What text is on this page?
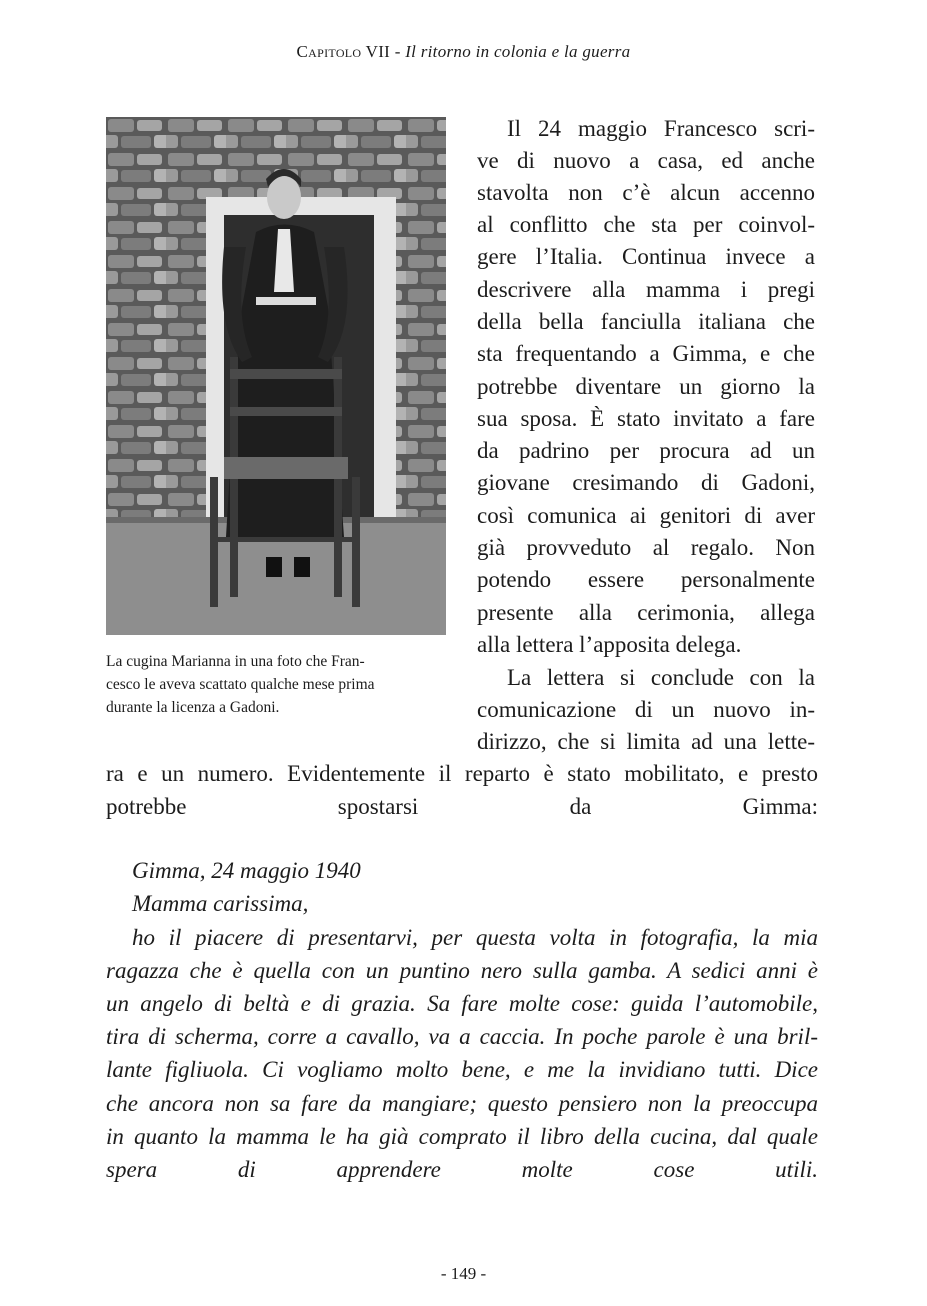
Capitolo VII - Il ritorno in colonia e la guerra
La cugina Marianna in una foto che Fran-
cesco le aveva scattato qualche mese prima
durante la licenza a Gadoni.
Il 24 maggio Francesco scri-
ve di nuovo a casa, ed anche
stavolta non c’è alcun accenno
al conflitto che sta per coinvol-
gere l’Italia. Continua invece a
descrivere alla mamma i pregi
della bella fanciulla italiana che
sta frequentando a Gimma, e che
potrebbe diventare un giorno la
sua sposa. È stato invitato a fare
da padrino per procura ad un
giovane cresimando di Gadoni,
così comunica ai genitori di aver
già provveduto al regalo. Non
potendo essere personalmente
presente alla cerimonia, allega
alla lettera l’apposita delega.
La lettera si conclude con la
comunicazione di un nuovo in-
dirizzo, che si limita ad una lette-
ra e un numero. Evidentemente il reparto è stato mobilitato, e presto
potrebbe spostarsi da Gimma:
Gimma, 24 maggio 1940
Mamma carissima,
ho il piacere di presentarvi, per questa volta in fotografia, la mia
ragazza che è quella con un puntino nero sulla gamba. A sedici anni è
un angelo di beltà e di grazia. Sa fare molte cose: guida l’automobile,
tira di scherma, corre a cavallo, va a caccia. In poche parole è una bril-
lante figliuola. Ci vogliamo molto bene, e me la invidiano tutti. Dice
che ancora non sa fare da mangiare; questo pensiero non la preoccupa
in quanto la mamma le ha già comprato il libro della cucina, dal quale
spera di apprendere molte cose utili.
- 149 -
